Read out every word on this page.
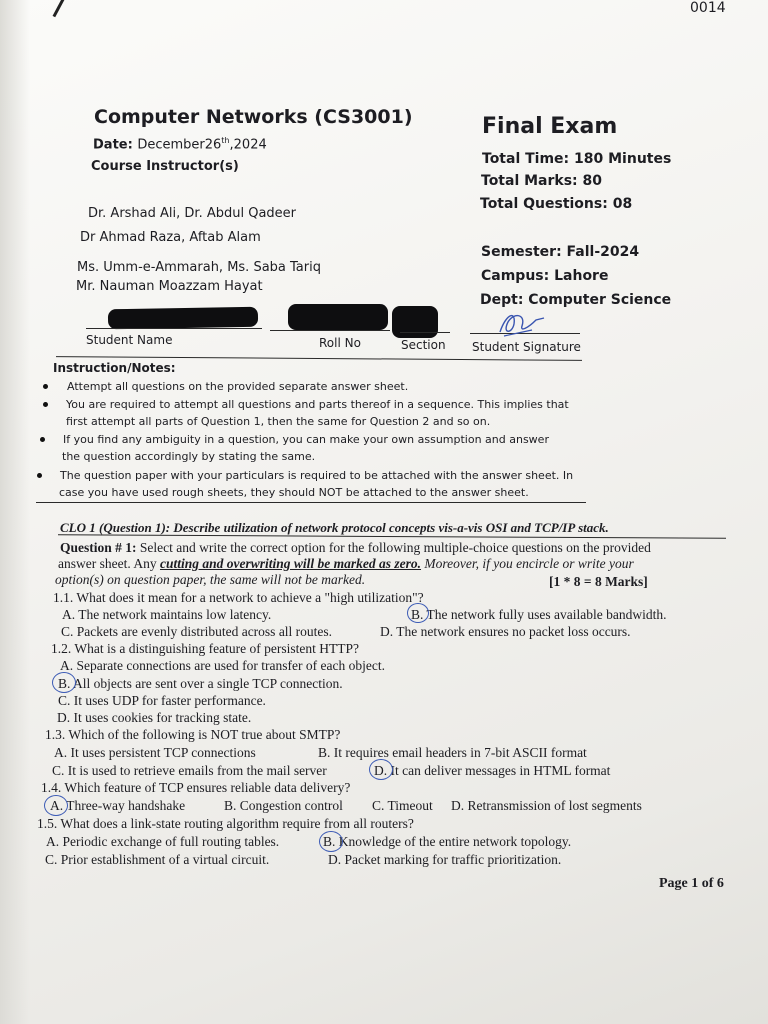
0014
Computer Networks (CS3001)
Date: December26th,2024
Course Instructor(s)
Dr. Arshad Ali, Dr. Abdul Qadeer
Dr Ahmad Raza, Aftab Alam
Ms. Umm-e-Ammarah, Ms. Saba Tariq
Mr. Nauman Moazzam Hayat
Final Exam
Total Time: 180 Minutes
Total Marks: 80
Total Questions: 08
Semester: Fall-2024
Campus: Lahore
Dept: Computer Science
Student Name	Roll No	Section Student Signature
Instruction/Notes:
Attempt all questions on the provided separate answer sheet.
You are required to attempt all questions and parts thereof in a sequence. This implies that
first attempt all parts of Question 1, then the same for Question 2 and so on.
If you find any ambiguity in a question, you can make your own assumption and answer
the question accordingly by stating the same.
The question paper with your particulars is required to be attached with the answer sheet. In
case you have used rough sheets, they should NOT be attached to the answer sheet.
CLO 1 (Question 1): Describe utilization of network protocol concepts vis-a-vis OSI and TCP/IP stack.
Question # 1: Select and write the correct option for the following multiple-choice questions on the provided
answer sheet. Any cutting and overwriting will be marked as zero. Moreover, if you encircle or write your
option(s) on question paper, the same will not be marked.	[1 * 8 = 8 Marks]
1.1. What does it mean for a network to achieve a "high utilization"?
A. The network maintains low latency.	B. The network fully uses available bandwidth.
C. Packets are evenly distributed across all routes.	D. The network ensures no packet loss occurs.
1.2. What is a distinguishing feature of persistent HTTP?
A. Separate connections are used for transfer of each object.
B. All objects are sent over a single TCP connection.
C. It uses UDP for faster performance.
D. It uses cookies for tracking state.
1.3. Which of the following is NOT true about SMTP?
A. It uses persistent TCP connections	B. It requires email headers in 7-bit ASCII format
C. It is used to retrieve emails from the mail server	D. It can deliver messages in HTML format
1.4. Which feature of TCP ensures reliable data delivery?
A. Three-way handshake	B. Congestion control C. Timeout D. Retransmission of lost segments
1.5. What does a link-state routing algorithm require from all routers?
A. Periodic exchange of full routing tables.	B. Knowledge of the entire network topology.
C. Prior establishment of a virtual circuit.	D. Packet marking for traffic prioritization.
Page 1 of 6
